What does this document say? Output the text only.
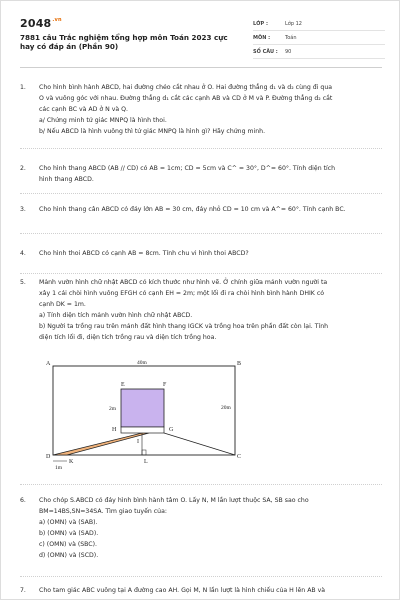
$2048^{.vn}$
7881 câu Trắc nghiệm tổng hợp môn Toán 2023 cực hay có đáp án (Phần 90)
LỚP :	Lớp 12
MÔN :	Toán
SỐ CÂU :	90
1.	Cho hình bình hành ABCD, hai đường chéo cắt nhau ở O. Hai đường thẳng d₁ và d₂ cùng đi qua
O và vuông góc với nhau. Đường thẳng d₁ cắt các cạnh AB và CD ở M và P. Đường thẳng d₂ cắt
các cạnh BC và AD ở N và Q.
a/ Chứng minh tứ giác MNPQ là hình thoi.
b/ Nếu ABCD là hình vuông thì tứ giác MNPQ là hình gì? Hãy chứng minh.
2.	Cho hình thang ABCD (AB // CD) có AB = 1cm; CD = 5cm và C^ = 30°, D^= 60°. Tính diện tích
hình thang ABCD.
3.	Cho hình thang cân ABCD có đáy lớn AB = 30 cm, đáy nhỏ CD = 10 cm và A^= 60°. Tính cạnh BC.
4.	Cho hình thoi ABCD có cạnh AB = 8cm. Tính chu vi hình thoi ABCD?
5.	Mảnh vườn hình chữ nhật ABCD có kích thước như hình vẽ. Ở chính giữa mảnh vườn người ta
xây 1 cái chòi hình vuông EFGH có cạnh EH = 2m; một lối đi ra chòi hình bình hành DHIK có
cạnh DK = 1m.
a) Tính diện tích mảnh vườn hình chữ nhật ABCD.
b) Người ta trồng rau trên mảnh đất hình thang IGCK và trồng hoa trên phần đất còn lại. Tính
diện tích lối đi, diện tích trồng rau và diện tích trồng hoa.
A	B
C
D
E	F
H	G
I
K	L
40m
20m
2m
1m
6.	Cho chóp S.ABCD có đáy hình bình hành tâm O. Lấy N, M lần lượt thuộc SA, SB sao cho
BM=14BS,SN=34SA. Tìm giao tuyến của:
a) (OMN) và (SAB).
b) (OMN) và (SAD).
c) (OMN) và (SBC).
d) (OMN) và (SCD).
7.	Cho tam giác ABC vuông tại A đường cao AH. Gọi M, N lần lượt là hình chiếu của H lên AB và
